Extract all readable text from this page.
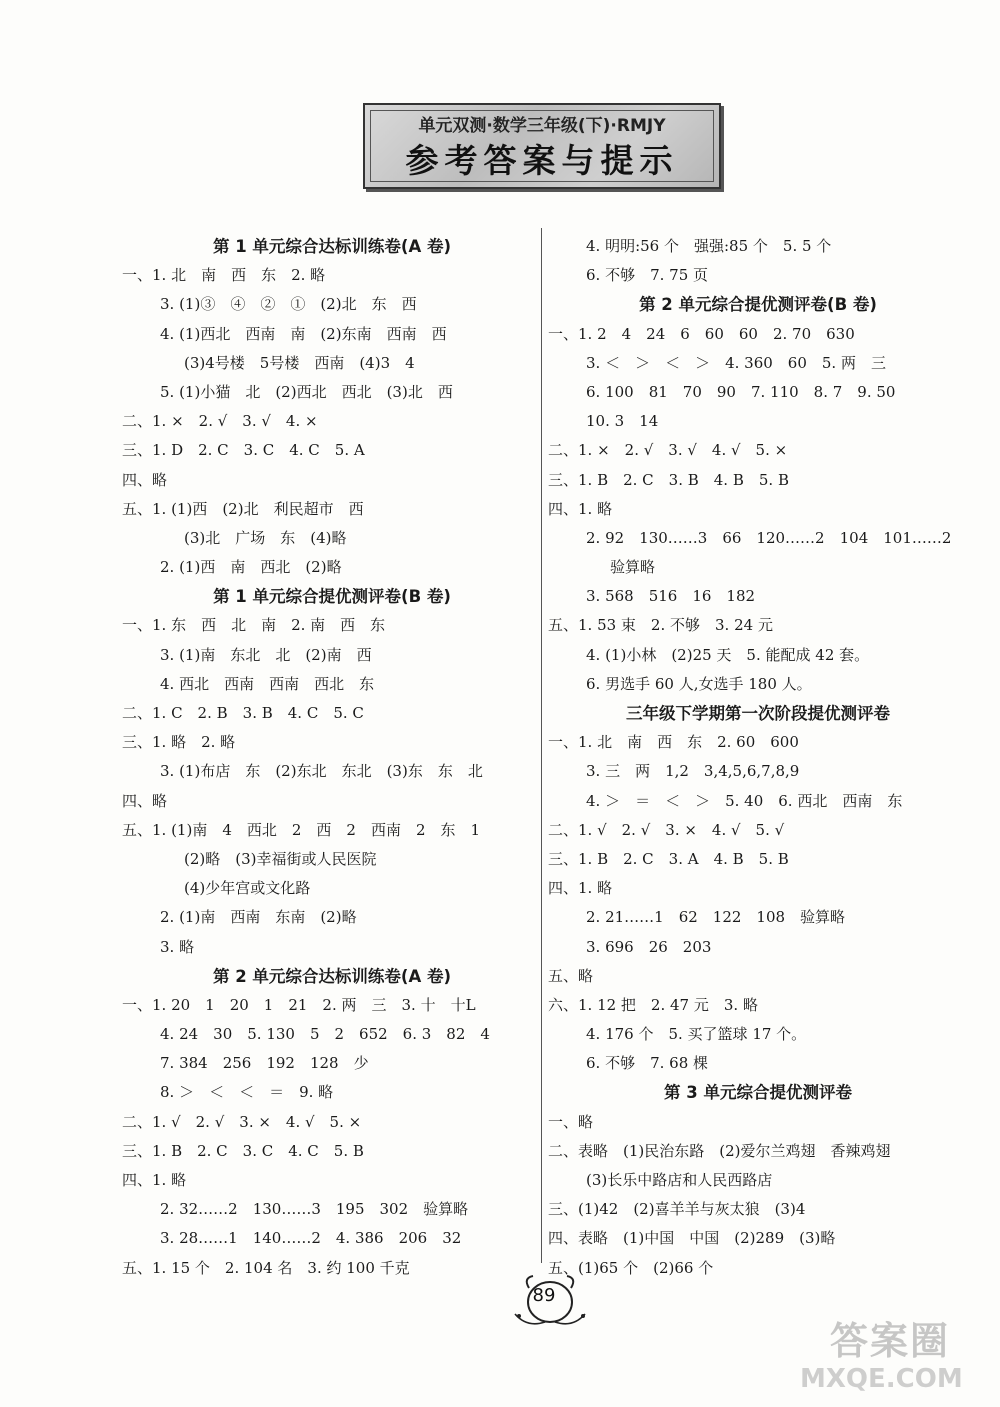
单元双测·数学三年级(下)·RMJY
参考答案与提示
第 1 单元综合达标训练卷(A 卷)
一、1. 北　南　西　东　2. 略
3. (1)③　④　②　①　(2)北　东　西
4. (1)西北　西南　南　(2)东南　西南　西
(3)4号楼　5号楼　西南　(4)3　4
5. (1)小猫　北　(2)西北　西北　(3)北　西
二、1. ×　2. √　3. √　4. ×
三、1. D　2. C　3. C　4. C　5. A
四、略
五、1. (1)西　(2)北　利民超市　西
(3)北　广场　东　(4)略
2. (1)西　南　西北　(2)略
第 1 单元综合提优测评卷(B 卷)
一、1. 东　西　北　南　2. 南　西　东
3. (1)南　东北　北　(2)南　西
4. 西北　西南　西南　西北　东
二、1. C　2. B　3. B　4. C　5. C
三、1. 略　2. 略
3. (1)布店　东　(2)东北　东北　(3)东　东　北
四、略
五、1. (1)南　4　西北　2　西　2　西南　2　东　1
(2)略　(3)幸福街或人民医院
(4)少年宫或文化路
2. (1)南　西南　东南　(2)略
3. 略
第 2 单元综合达标训练卷(A 卷)
一、1. 20　1　20　1　21　2. 两　三　3. 十　十L
4. 24　30　5. 130　5　2　652　6. 3　82　4
7. 384　256　192　128　少
8. ＞　＜　＜　＝　9. 略
二、1. √　2. √　3. ×　4. √　5. ×
三、1. B　2. C　3. C　4. C　5. B
四、1. 略
2. 32……2　130……3　195　302　验算略
3. 28……1　140……2　4. 386　206　32
五、1. 15 个　2. 104 名　3. 约 100 千克
4. 明明:56 个　强强:85 个　5. 5 个
6. 不够　7. 75 页
第 2 单元综合提优测评卷(B 卷)
一、1. 2　4　24　6　60　60　2. 70　630
3. ＜　＞　＜　＞　4. 360　60　5. 两　三
6. 100　81　70　90　7. 110　8. 7　9. 50
10. 3　14
二、1. ×　2. √　3. √　4. √　5. ×
三、1. B　2. C　3. B　4. B　5. B
四、1. 略
2. 92　130……3　66　120……2　104　101……2
验算略
3. 568　516　16　182
五、1. 53 束　2. 不够　3. 24 元
4. (1)小林　(2)25 天　5. 能配成 42 套。
6. 男选手 60 人,女选手 180 人。
三年级下学期第一次阶段提优测评卷
一、1. 北　南　西　东　2. 60　600
3. 三　两　1,2　3,4,5,6,7,8,9
4. ＞　＝　＜　＞　5. 40　6. 西北　西南　东
二、1. √　2. √　3. ×　4. √　5. √
三、1. B　2. C　3. A　4. B　5. B
四、1. 略
2. 21……1　62　122　108　验算略
3. 696　26　203
五、略
六、1. 12 把　2. 47 元　3. 略
4. 176 个　5. 买了篮球 17 个。
6. 不够　7. 68 棵
第 3 单元综合提优测评卷
一、略
二、表略　(1)民治东路　(2)爱尔兰鸡翅　香辣鸡翅
(3)长乐中路店和人民西路店
三、(1)42　(2)喜羊羊与灰太狼　(3)4
四、表略　(1)中国　中国　(2)289　(3)略
五、(1)65 个　(2)66 个
89
答案圈
MXQE.COM
